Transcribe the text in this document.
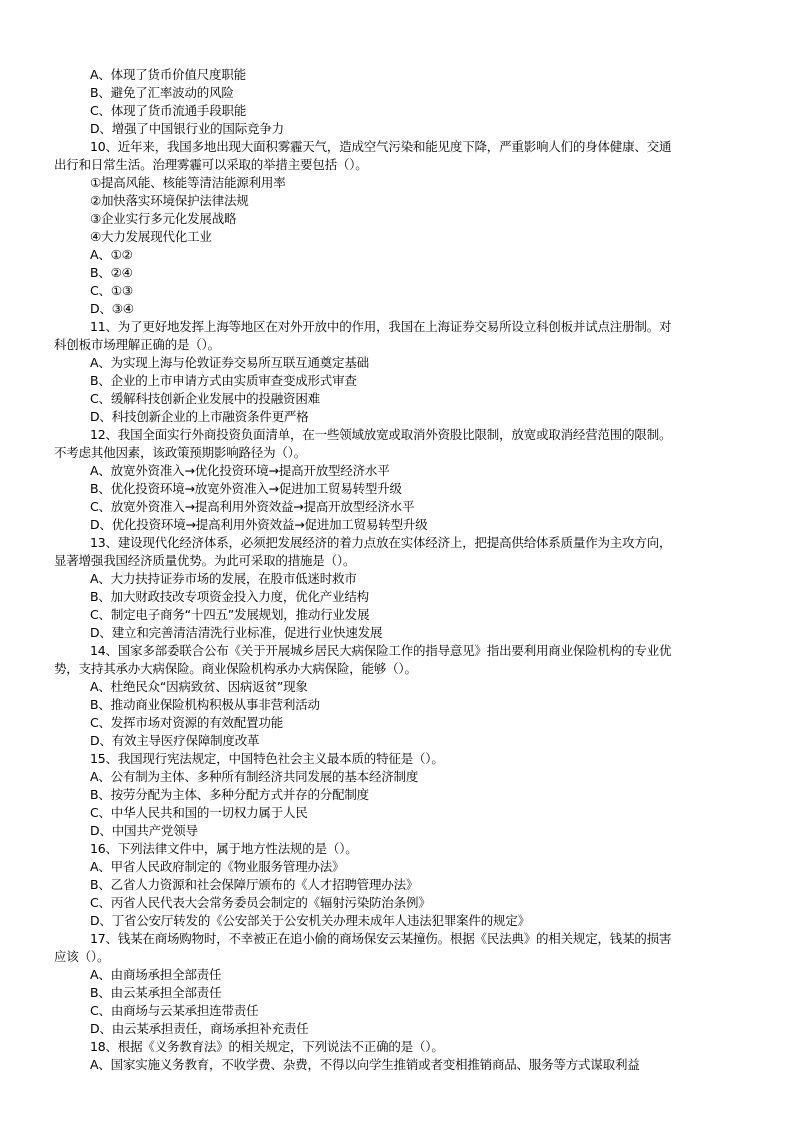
A、体现了货币价值尺度职能
B、避免了汇率波动的风险
C、体现了货币流通手段职能
D、增强了中国银行业的国际竞争力
10、近年来，我国多地出现大面积雾霾天气，造成空气污染和能见度下降，严重影响人们的身体健康、交通
出行和日常生活。治理雾霾可以采取的举措主要包括（）。
①提高风能、核能等清洁能源利用率
②加快落实环境保护法律法规
③企业实行多元化发展战略
④大力发展现代化工业
A、①②
B、②④
C、①③
D、③④
11、为了更好地发挥上海等地区在对外开放中的作用，我国在上海证券交易所设立科创板并试点注册制。对
科创板市场理解正确的是（）。
A、为实现上海与伦敦证券交易所互联互通奠定基础
B、企业的上市申请方式由实质审查变成形式审查
C、缓解科技创新企业发展中的投融资困难
D、科技创新企业的上市融资条件更严格
12、我国全面实行外商投资负面清单，在一些领域放宽或取消外资股比限制，放宽或取消经营范围的限制。
不考虑其他因素，该政策预期影响路径为（）。
A、放宽外资准入→优化投资环境→提高开放型经济水平
B、优化投资环境→放宽外资准入→促进加工贸易转型升级
C、放宽外资准入→提高利用外资效益→提高开放型经济水平
D、优化投资环境→提高利用外资效益→促进加工贸易转型升级
13、建设现代化经济体系，必须把发展经济的着力点放在实体经济上，把提高供给体系质量作为主攻方向，
显著增强我国经济质量优势。为此可采取的措施是（）。
A、大力扶持证券市场的发展，在股市低迷时救市
B、加大财政技改专项资金投入力度，优化产业结构
C、制定电子商务“十四五”发展规划，推动行业发展
D、建立和完善清洁清洗行业标准，促进行业快速发展
14、国家多部委联合公布《关于开展城乡居民大病保险工作的指导意见》指出要利用商业保险机构的专业优
势，支持其承办大病保险。商业保险机构承办大病保险，能够（）。
A、杜绝民众“因病致贫、因病返贫”现象
B、推动商业保险机构积极从事非营利活动
C、发挥市场对资源的有效配置功能
D、有效主导医疗保障制度改革
15、我国现行宪法规定，中国特色社会主义最本质的特征是（）。
A、公有制为主体、多种所有制经济共同发展的基本经济制度
B、按劳分配为主体、多种分配方式并存的分配制度
C、中华人民共和国的一切权力属于人民
D、中国共产党领导
16、下列法律文件中，属于地方性法规的是（）。
A、甲省人民政府制定的《物业服务管理办法》
B、乙省人力资源和社会保障厅颁布的《人才招聘管理办法》
C、丙省人民代表大会常务委员会制定的《辐射污染防治条例》
D、丁省公安厅转发的《公安部关于公安机关办理未成年人违法犯罪案件的规定》
17、钱某在商场购物时，不幸被正在追小偷的商场保安云某撞伤。根据《民法典》的相关规定，钱某的损害
应该（）。
A、由商场承担全部责任
B、由云某承担全部责任
C、由商场与云某承担连带责任
D、由云某承担责任，商场承担补充责任
18、根据《义务教育法》的相关规定，下列说法不正确的是（）。
A、国家实施义务教育，不收学费、杂费，不得以向学生推销或者变相推销商品、服务等方式谋取利益
